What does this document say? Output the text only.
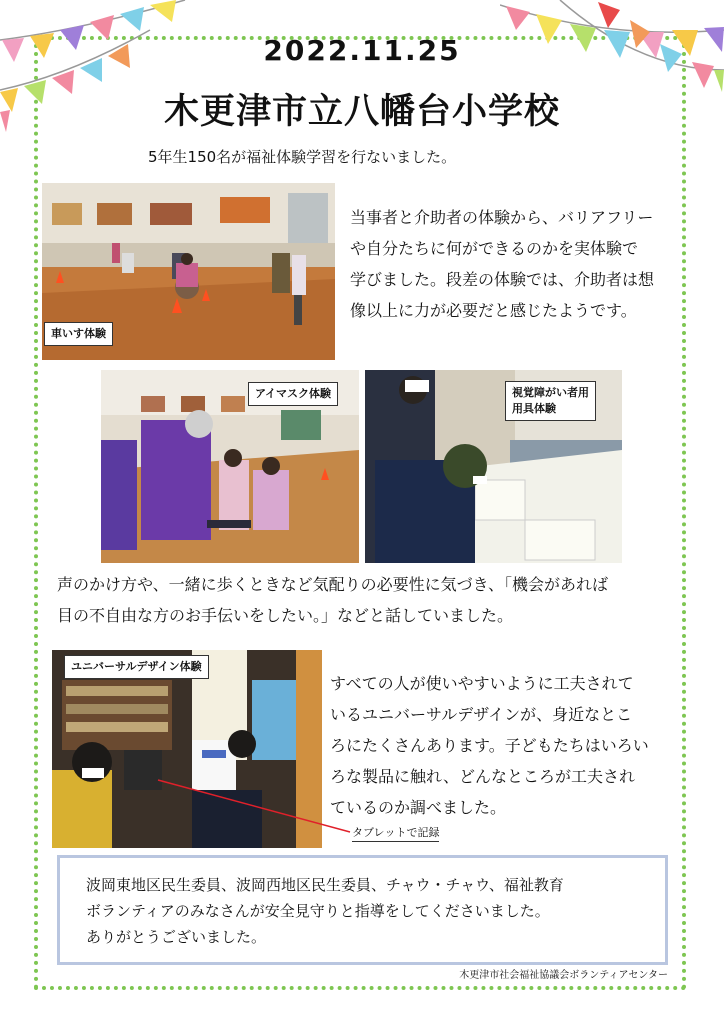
2022.11.25
木更津市立八幡台小学校
5年生150名が福祉体験学習を行ないました。
車いす体験
当事者と介助者の体験から、バリアフリー
や自分たちに何ができるのかを実体験で
学びました。段差の体験では、介助者は想
像以上に力が必要だと感じたようです。
アイマスク体験	視覚障がい者用
用具体験
声のかけ方や、一緒に歩くときなど気配りの必要性に気づき、「機会があれば
目の不自由な方のお手伝いをしたい。」などと話していました。
ユニバーサルデザイン体験
タブレットで記録
すべての人が使いやすいように工夫されて
いるユニバーサルデザインが、身近なとこ
ろにたくさんあります。子どもたちはいろい
ろな製品に触れ、どんなところが工夫され
ているのか調べました。
波岡東地区民生委員、波岡西地区民生委員、チャウ・チャウ、福祉教育
ボランティアのみなさんが安全見守りと指導をしてくださいました。
ありがとうございました。
木更津市社会福祉協議会ボランティアセンター
